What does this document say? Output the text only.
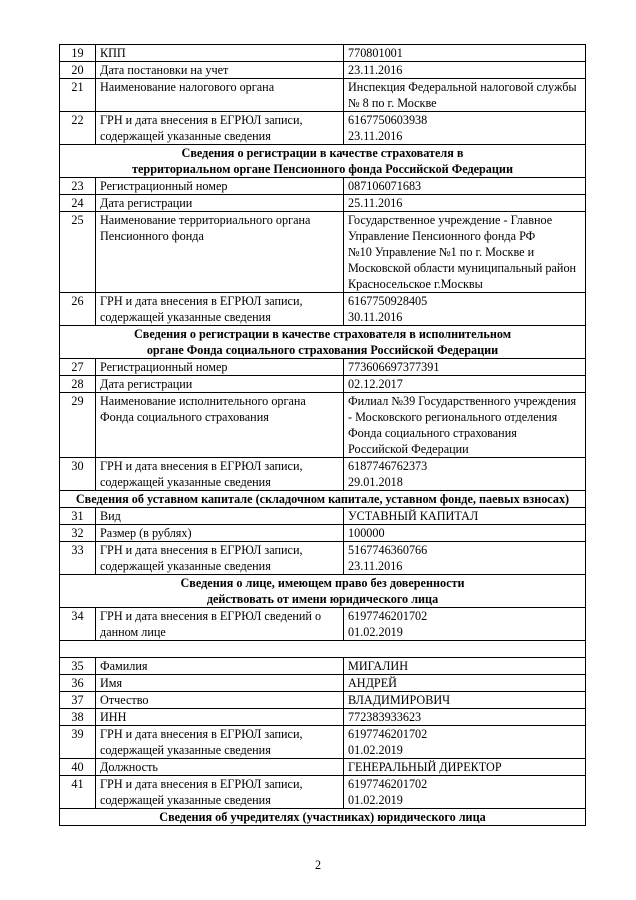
19	КПП	770801001

20	Дата постановки на учет	23.11.2016

21	Наименование налогового органа	Инспекция Федеральной налоговой службы
№ 8 по г. Москве

22	ГРН и дата внесения в ЕГРЮЛ записи,
содержащей указанные сведения	6167750603938
23.11.2016

Сведения о регистрации в качестве страхователя в
территориальном органе Пенсионного фонда Российской Федерации		

23	Регистрационный номер	087106071683

24	Дата регистрации	25.11.2016

25	Наименование территориального органа
Пенсионного фонда	Государственное учреждение - Главное
Управление Пенсионного фонда РФ
№10 Управление №1 по г. Москве и
Московской области муниципальный район
Красносельское г.Москвы

26	ГРН и дата внесения в ЕГРЮЛ записи,
содержащей указанные сведения	6167750928405
30.11.2016

Сведения о регистрации в качестве страхователя в исполнительном
органе Фонда социального страхования Российской Федерации		

27	Регистрационный номер	773606697377391

28	Дата регистрации	02.12.2017

29	Наименование исполнительного органа
Фонда социального страхования	Филиал №39 Государственного учреждения
- Московского регионального отделения
Фонда социального страхования
Российской Федерации

30	ГРН и дата внесения в ЕГРЮЛ записи,
содержащей указанные сведения	6187746762373
29.01.2018

Сведения об уставном капитале (складочном капитале, уставном фонде, паевых взносах)		

31	Вид	УСТАВНЫЙ КАПИТАЛ

32	Размер (в рублях)	100000

33	ГРН и дата внесения в ЕГРЮЛ записи,
содержащей указанные сведения	5167746360766
23.11.2016

Сведения о лице, имеющем право без доверенности
действовать от имени юридического лица		

34	ГРН и дата внесения в ЕГРЮЛ сведений о
данном лице	6197746201702
01.02.2019

35	Фамилия	МИГАЛИН

36	Имя	АНДРЕЙ

37	Отчество	ВЛАДИМИРОВИЧ

38	ИНН	772383933623

39	ГРН и дата внесения в ЕГРЮЛ записи,
содержащей указанные сведения	6197746201702
01.02.2019

40	Должность	ГЕНЕРАЛЬНЫЙ ДИРЕКТОР

41	ГРН и дата внесения в ЕГРЮЛ записи,
содержащей указанные сведения	6197746201702
01.02.2019

Сведения об учредителях (участниках) юридического лица		
2
